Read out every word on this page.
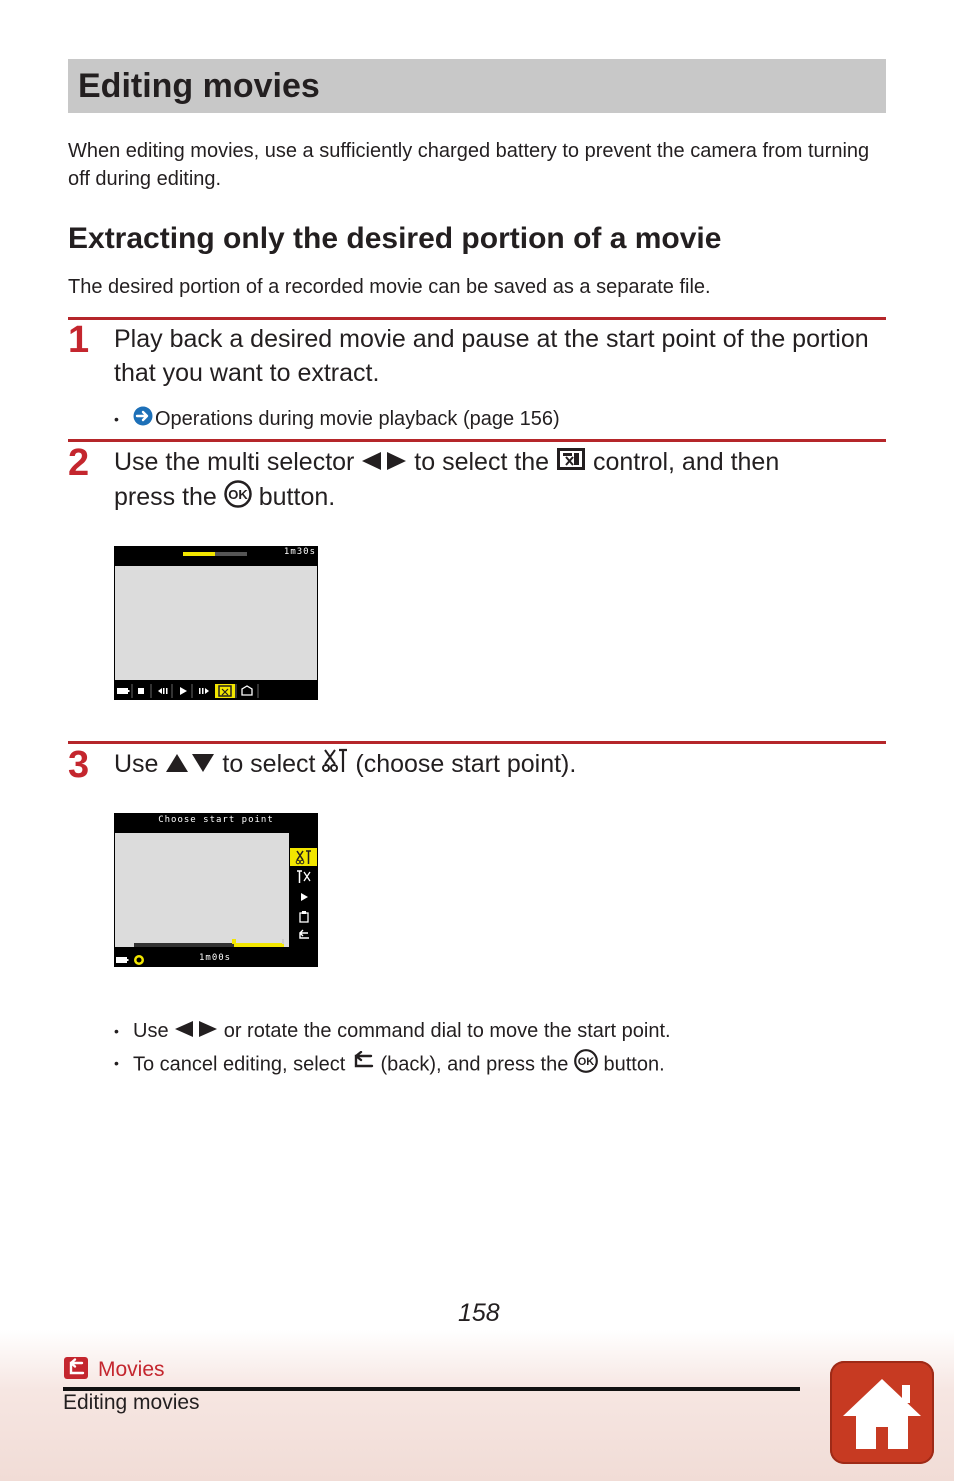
Editing movies
When editing movies, use a sufficiently charged battery to prevent the camera from turning off during editing.
Extracting only the desired portion of a movie
The desired portion of a recorded movie can be saved as a separate file.
1 Play back a desired movie and pause at the start point of the portion that you want to extract.
• Operations during movie playback (page 156)
2 Use the multi selector to select the control, and then
press the OK button.
1m30s
3 Use	to select (choose start point).
Choose start point
1m00s
• Use	or rotate the command dial to move the start point.
• To cancel editing, select (back), and press the OK button.
158
Movies
Editing movies
